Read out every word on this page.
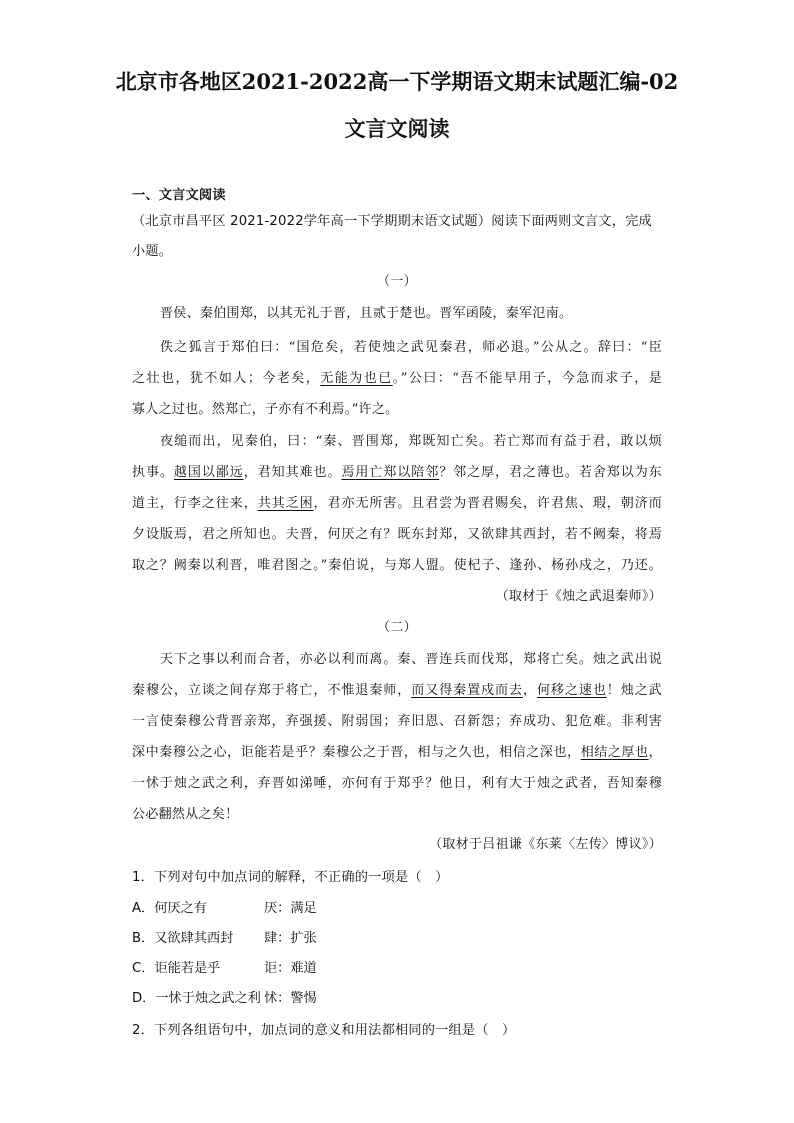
北京市各地区2021-2022高一下学期语文期末试题汇编-02
文言文阅读
一、文言文阅读
（北京市昌平区 2021-2022学年高一下学期期末语文试题）阅读下面两则文言文，完成
小题。
（一）
晋侯、秦伯围郑，以其无礼于晋，且贰于楚也。晋军函陵，秦军氾南。
佚之狐言于郑伯曰：“国危矣，若使烛之武见秦君，师必退。”公从之。辞曰：“臣
之壮也，犹不如人；今老矣，无能为也已。”公曰：“吾不能早用子，今急而求子，是
寡人之过也。然郑亡，子亦有不利焉。”许之。
夜缒而出，见秦伯，曰：“秦、晋围郑，郑既知亡矣。若亡郑而有益于君，敢以烦
执事。越国以鄙远，君知其难也。焉用亡郑以陪邻？邻之厚，君之薄也。若舍郑以为东
道主，行李之往来，共其乏困，君亦无所害。且君尝为晋君赐矣，许君焦、瑕，朝济而
夕设版焉，君之所知也。夫晋，何厌之有？既东封郑，又欲肆其西封，若不阙秦，将焉
取之？阙秦以利晋，唯君图之。”秦伯说，与郑人盟。使杞子、逢孙、杨孙戍之，乃还。
（取材于《烛之武退秦师》）
（二）
天下之事以利而合者，亦必以利而离。秦、晋连兵而伐郑，郑将亡矣。烛之武出说
秦穆公，立谈之间存郑于将亡，不惟退秦师，而又得秦置戍而去，何移之速也！烛之武
一言使秦穆公背晋亲郑，弃强援、附弱国；弃旧恩、召新怨；弃成功、犯危难。非利害
深中秦穆公之心，讵能若是乎？秦穆公之于晋，相与之久也，相信之深也，相结之厚也，
一怵于烛之武之利，弃晋如涕唾，亦何有于郑乎？他日，利有大于烛之武者，吾知秦穆
公必翻然从之矣！
（取材于吕祖谦《东莱〈左传〉博议》）
1．下列对句中加点词的解释，不正确的一项是（　）
A．何厌之有	厌：满足
B．又欲肆其西封 肆：扩张
C．讵能若是乎	讵：难道
D．一怵于烛之武之利 怵：警惕
2．下列各组语句中，加点词的意义和用法都相同的一组是（　）
